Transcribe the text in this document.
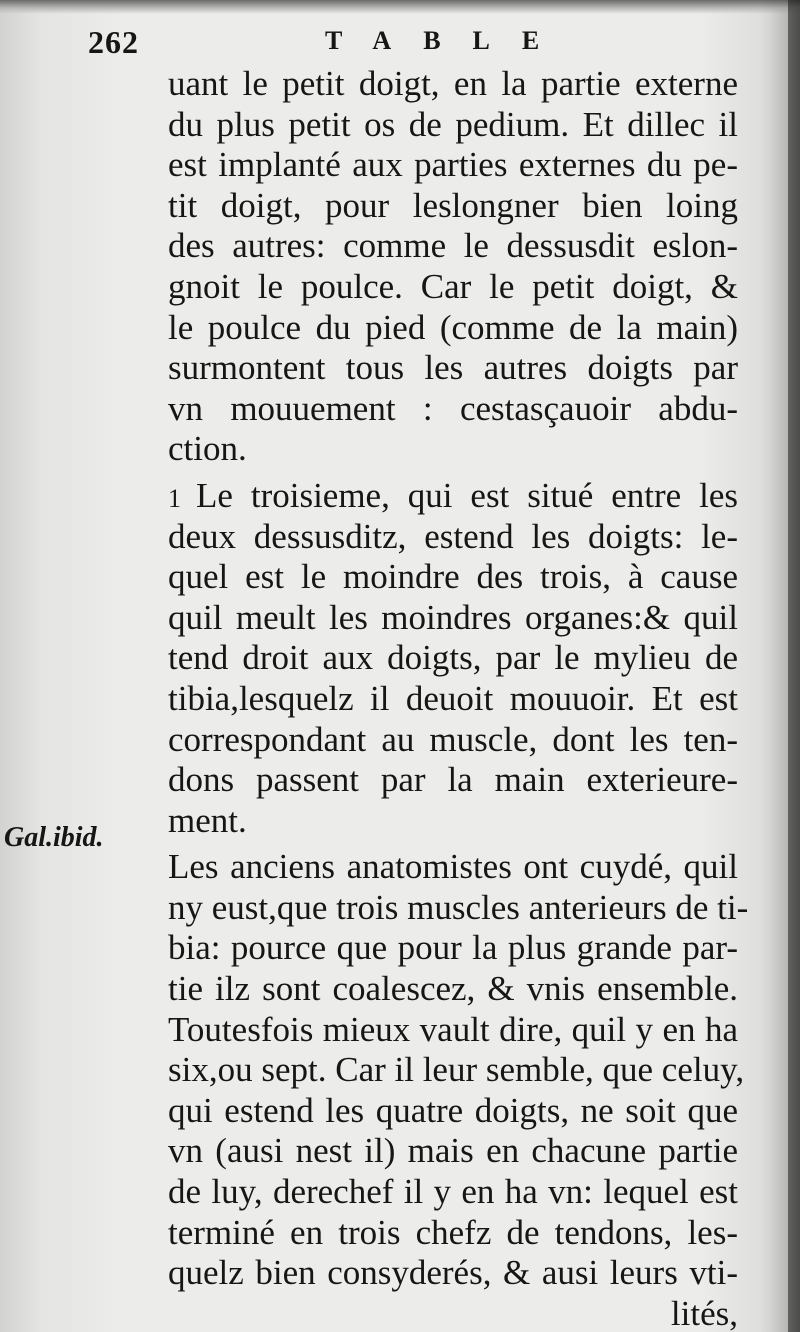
262	TABLE
Gal.ibid.
uant le petit doigt, en la partie externe
du plus petit os de pedium. Et dillec il
est implanté aux parties externes du pe-
tit doigt, pour leslongner bien loing
des autres: comme le dessusdit eslon-
gnoit le poulce. Car le petit doigt, &
le poulce du pied (comme de la main)
surmontent tous les autres doigts par
vn mouuement : cestasçauoir abdu-
ction.
1 Le troisieme, qui est situé entre les
deux dessusditz, estend les doigts: le-
quel est le moindre des trois, à cause
quil meult les moindres organes:& quil
tend droit aux doigts, par le mylieu de
tibia,lesquelz il deuoit mouuoir. Et est
correspondant au muscle, dont les ten-
dons passent par la main exterieure-
ment.
Les anciens anatomistes ont cuydé, quil
ny eust,que trois muscles anterieurs de ti-
bia: pource que pour la plus grande par-
tie ilz sont coalescez, & vnis ensemble.
Toutesfois mieux vault dire, quil y en ha
six,ou sept. Car il leur semble, que celuy,
qui estend les quatre doigts, ne soit que
vn (ausi nest il) mais en chacune partie
de luy, derechef il y en ha vn: lequel est
terminé en trois chefz de tendons, les-
quelz bien consyderés, & ausi leurs vti-
lités,
